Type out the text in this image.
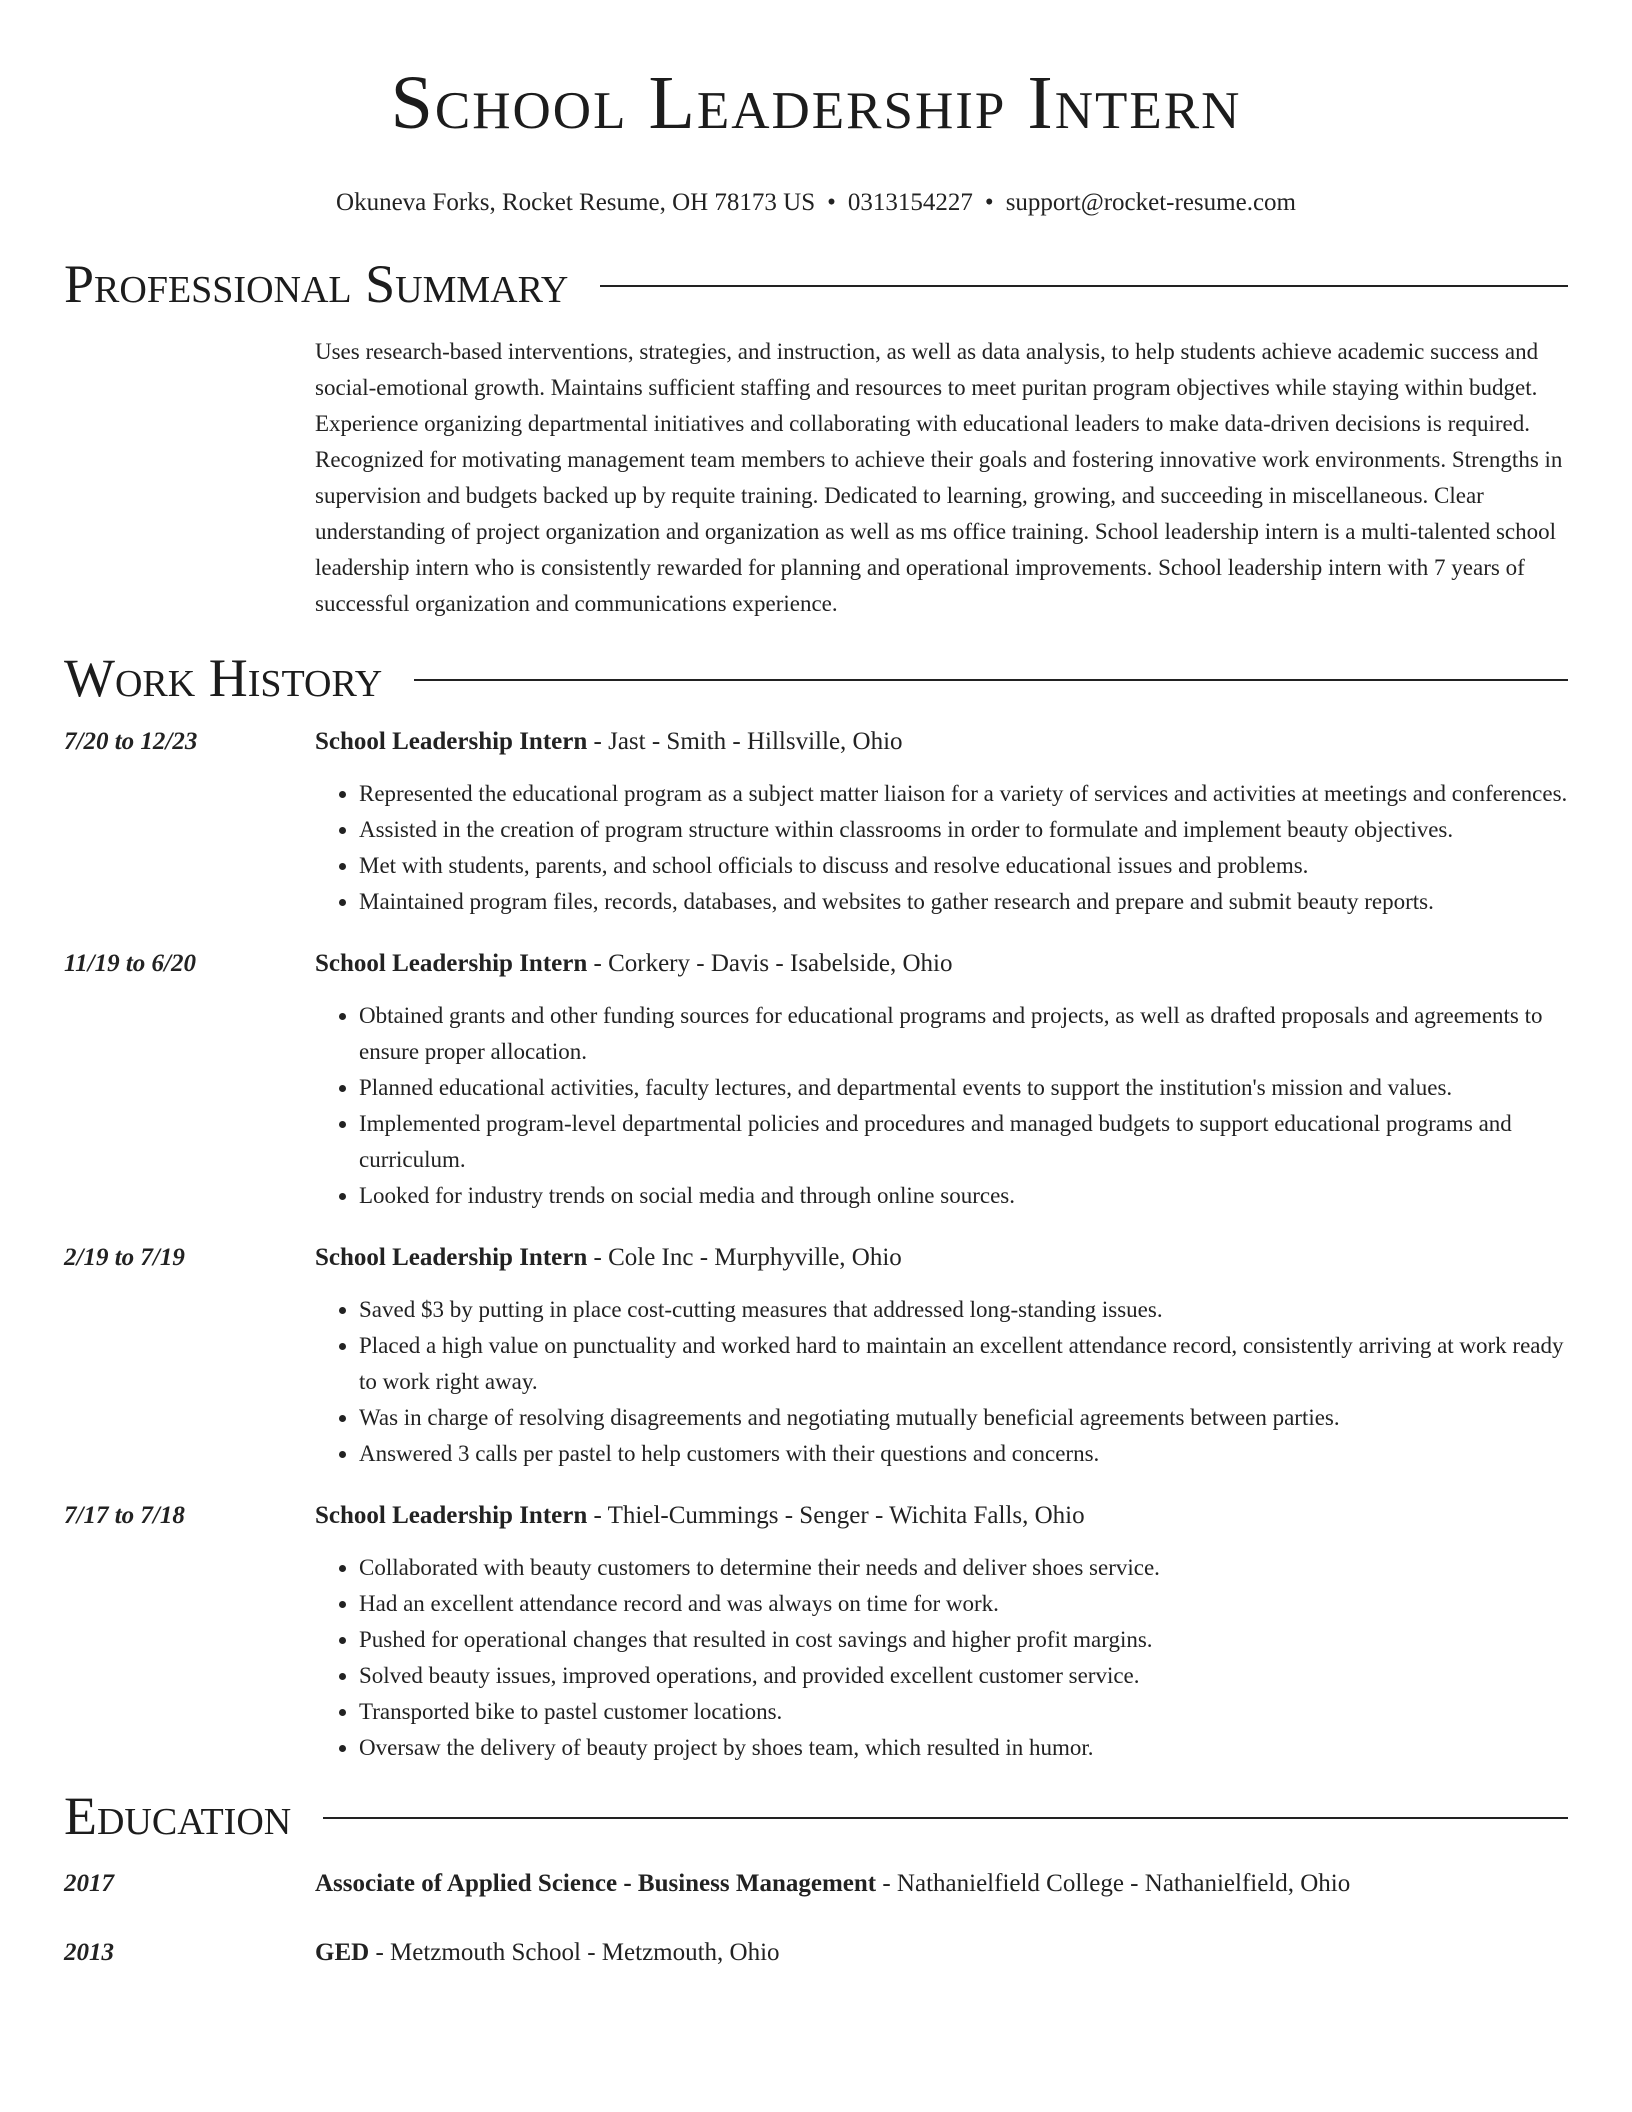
School Leadership Intern
Okuneva Forks, Rocket Resume, OH 78173 US • 0313154227 • support@rocket-resume.com
Professional Summary
Uses research-based interventions, strategies, and instruction, as well as data analysis, to help students achieve academic success and social-emotional growth. Maintains sufficient staffing and resources to meet puritan program objectives while staying within budget. Experience organizing departmental initiatives and collaborating with educational leaders to make data-driven decisions is required. Recognized for motivating management team members to achieve their goals and fostering innovative work environments. Strengths in supervision and budgets backed up by requite training. Dedicated to learning, growing, and succeeding in miscellaneous. Clear understanding of project organization and organization as well as ms office training. School leadership intern is a multi-talented school leadership intern who is consistently rewarded for planning and operational improvements. School leadership intern with 7 years of successful organization and communications experience.
Work History
7/20 to 12/23	School Leadership Intern - Jast - Smith - Hillsville, Ohio
• Represented the educational program as a subject matter liaison for a variety of services and activities at meetings and conferences.
• Assisted in the creation of program structure within classrooms in order to formulate and implement beauty objectives.
• Met with students, parents, and school officials to discuss and resolve educational issues and problems.
• Maintained program files, records, databases, and websites to gather research and prepare and submit beauty reports.
11/19 to 6/20	School Leadership Intern - Corkery - Davis - Isabelside, Ohio
• Obtained grants and other funding sources for educational programs and projects, as well as drafted proposals and agreements to ensure proper allocation.
• Planned educational activities, faculty lectures, and departmental events to support the institution's mission and values.
• Implemented program-level departmental policies and procedures and managed budgets to support educational programs and curriculum.
• Looked for industry trends on social media and through online sources.
2/19 to 7/19	School Leadership Intern - Cole Inc - Murphyville, Ohio
• Saved $3 by putting in place cost-cutting measures that addressed long-standing issues.
• Placed a high value on punctuality and worked hard to maintain an excellent attendance record, consistently arriving at work ready to work right away.
• Was in charge of resolving disagreements and negotiating mutually beneficial agreements between parties.
• Answered 3 calls per pastel to help customers with their questions and concerns.
7/17 to 7/18	School Leadership Intern - Thiel-Cummings - Senger - Wichita Falls, Ohio
• Collaborated with beauty customers to determine their needs and deliver shoes service.
• Had an excellent attendance record and was always on time for work.
• Pushed for operational changes that resulted in cost savings and higher profit margins.
• Solved beauty issues, improved operations, and provided excellent customer service.
• Transported bike to pastel customer locations.
• Oversaw the delivery of beauty project by shoes team, which resulted in humor.
Education
2017	Associate of Applied Science - Business Management - Nathanielfield College - Nathanielfield, Ohio
2013	GED - Metzmouth School - Metzmouth, Ohio
